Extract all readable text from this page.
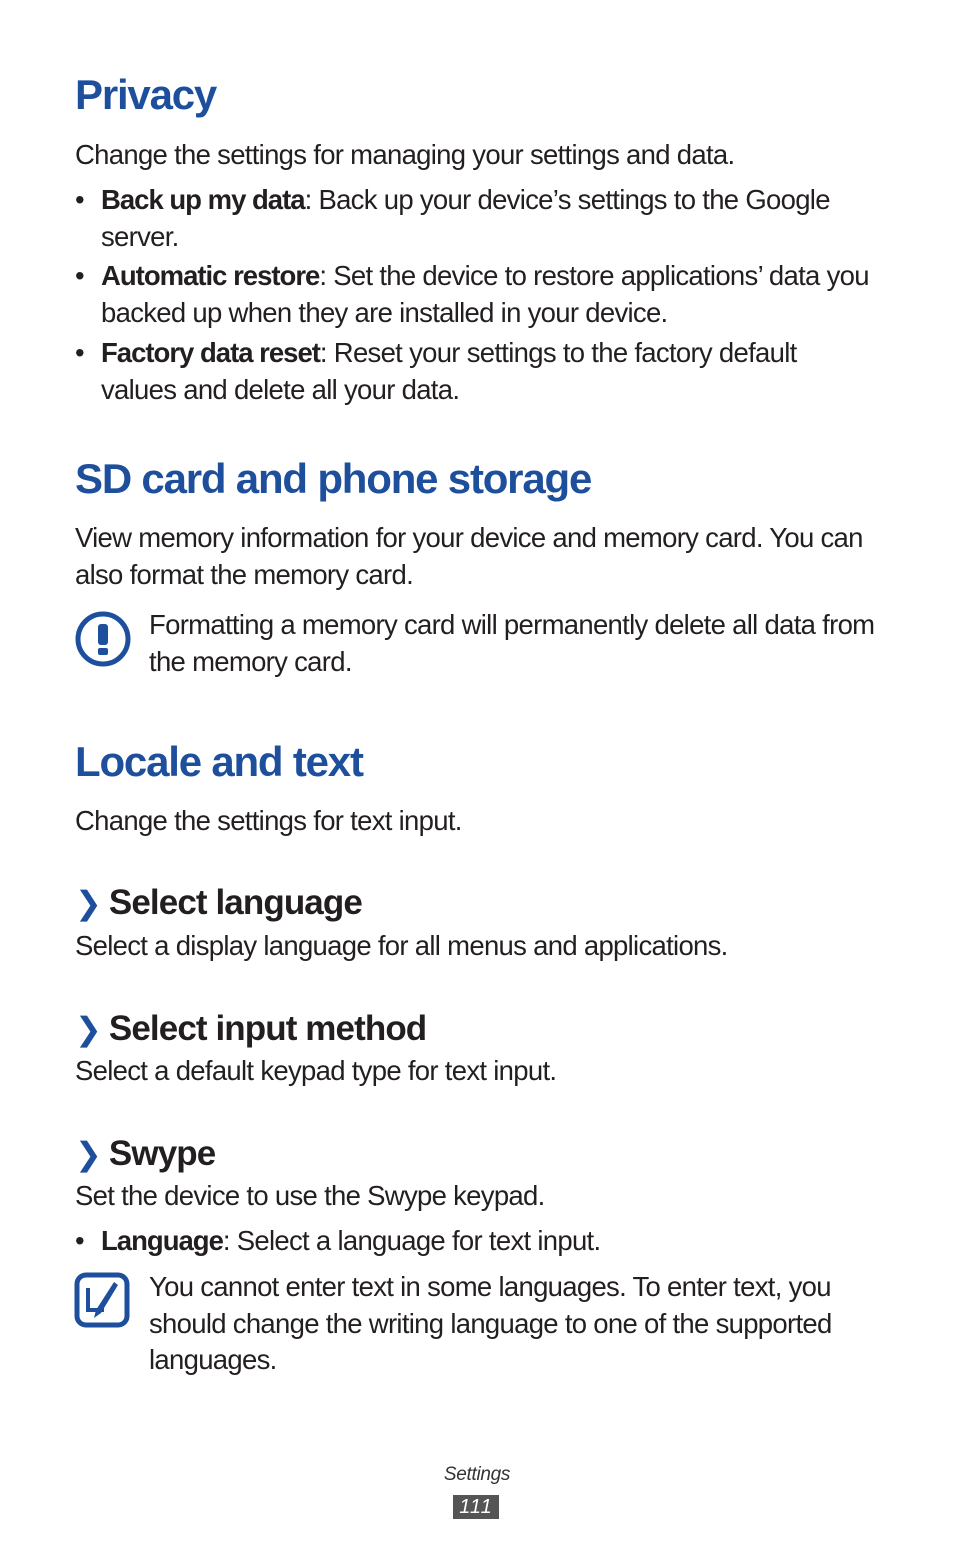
Privacy

Change the settings for managing your settings and data.

• Back up my data: Back up your device’s settings to the Google server.
• Automatic restore: Set the device to restore applications’ data you backed up when they are installed in your device.
• Factory data reset: Reset your settings to the factory default values and delete all your data.
SD card and phone storage

View memory information for your device and memory card. You can also format the memory card.

Formatting a memory card will permanently delete all data from the memory card.

Locale and text

Change the settings for text input.

❯ Select language

Select a display language for all menus and applications.

❯ Select input method

Select a default keypad type for text input.

❯ Swype

Set the device to use the Swype keypad.

• Language: Select a language for text input.

You cannot enter text in some languages. To enter text, you should change the writing language to one of the supported languages.

Settings
111
